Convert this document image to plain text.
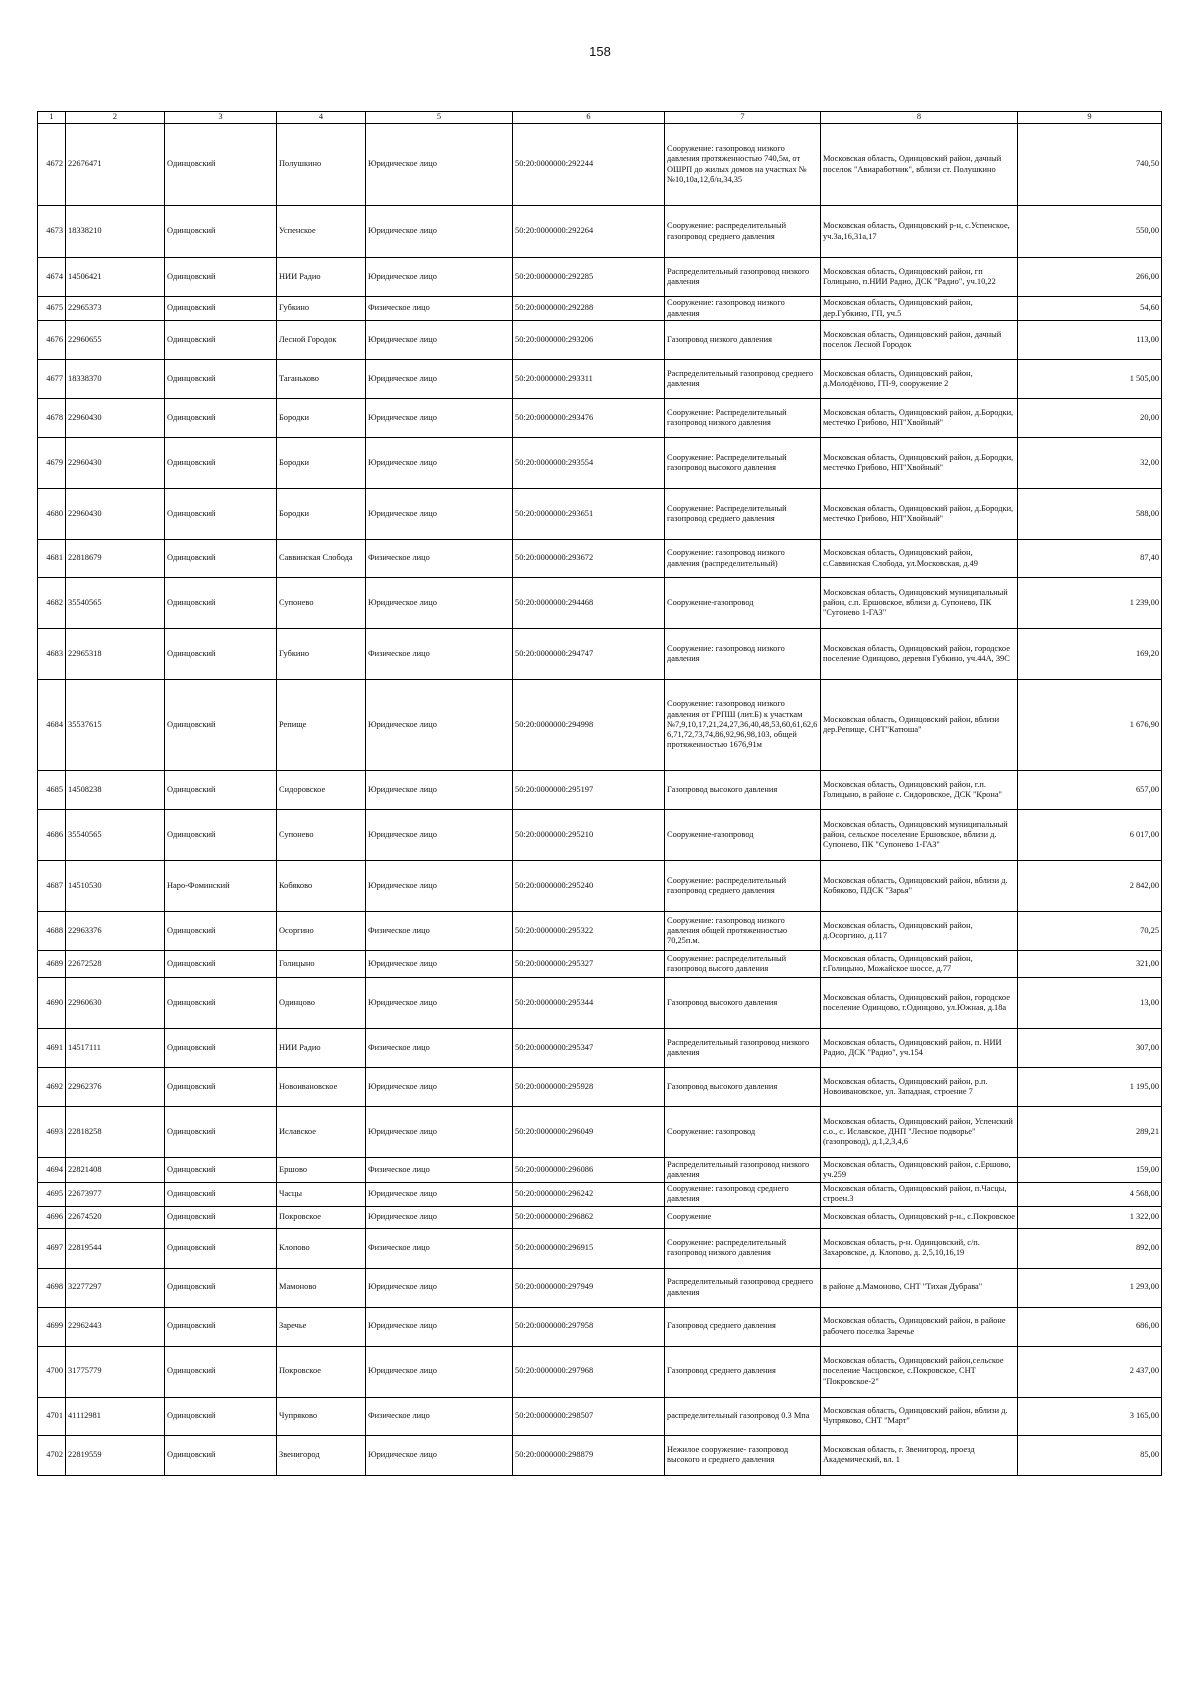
158
1	2	3	4	5	6	7	8	9
4672	22676471	Одинцовский	Полушкино	Юридическое лицо	50:20:0000000:292244	Сооружение: газопровод низкого давления протяженностью 740,5м, от ОШРП до жилых домов на участках №№10,10а,12,б/н,34,35	Московская область, Одинцовский район, дачный поселок "Авиаработник", вблизи ст. Полушкино	740,50
4673	18338210	Одинцовский	Успенское	Юридическое лицо	50:20:0000000:292264	Сооружение: распределительный газопровод среднего давления	Московская область, Одинцовский р-н, с.Успенское, уч.3а,16,31а,17	550,00
4674	14506421	Одинцовский	НИИ Радио	Юридическое лицо	50:20:0000000:292285	Распределительный газопровод низкого давления	Московская область, Одинцовский район, гп Голицыно, п.НИИ Радио, ДСК "Радио", уч.10,22	266,00
4675	22965373	Одинцовский	Губкино	Физическое лицо	50:20:0000000:292288	Сооружение: газопровод низкого давления	Московская область, Одинцовский район, дер.Губкино, ГП, уч.5	54,60
4676	22960655	Одинцовский	Лесной Городок	Юридическое лицо	50:20:0000000:293206	Газопровод низкого давления	Московская область, Одинцовский район, дачный поселок Лесной Городок	113,00
4677	18338370	Одинцовский	Таганьково	Юридическое лицо	50:20:0000000:293311	Распределительный газопровод среднего давления	Московская область, Одинцовский район, д.Молодёново, ГП-9, сооружение 2	1 505,00
4678	22960430	Одинцовский	Бородки	Юридическое лицо	50:20:0000000:293476	Сооружение: Распределительный газопровод низкого давления	Московская область, Одинцовский район, д.Бородки, местечко Грибово, НП"Хвойный"	20,00
4679	22960430	Одинцовский	Бородки	Юридическое лицо	50:20:0000000:293554	Сооружение: Распределительный газопровод высокого давления	Московская область, Одинцовский район, д.Бородки, местечко Грибово, НП"Хвойный"	32,00
4680	22960430	Одинцовский	Бородки	Юридическое лицо	50:20:0000000:293651	Сооружение: Распределительный газопровод среднего давления	Московская область, Одинцовский район, д.Бородки, местечко Грибово, НП"Хвойный"	588,00
4681	22818679	Одинцовский	Саввинская Слобода	Физическое лицо	50:20:0000000:293672	Сооружение: газопровод низкого давления (распределительный)	Московская область, Одинцовский район, с.Саввинская Слобода, ул.Московская, д.49	87,40
4682	35540565	Одинцовский	Супонево	Юридическое лицо	50:20:0000000:294468	Сооружение-газопровод	Московская область, Одинцовский муниципальный район, с.п. Ершовское, вблизи д. Супонево, ПК "Сугонево 1-ГАЗ"	1 239,00
4683	22965318	Одинцовский	Губкино	Физическое лицо	50:20:0000000:294747	Сооружение: газопровод низкого давления	Московская область, Одинцовский район, городское поселение Одинцово, деревня Губкино, уч.44А, 39С	169,20
4684	35537615	Одинцовский	Репище	Юридическое лицо	50:20:0000000:294998	Сооружение: газопровод низкого давления от ГРПШ (лит.Б) к участкам №7,9,10,17,21,24,27,36,40,48,53,60,61,62,66,71,72,73,74,86,92,96,98,103, общей протяженностью 1676,91м	Московская область, Одинцовский район, вблизи дер.Репище, СНТ"Катюша"	1 676,90
4685	14508238	Одинцовский	Сидоровское	Юридическое лицо	50:20:0000000:295197	Газопровод высокого давления	Московская область, Одинцовский район, г.п. Голицыно, в районе с. Сидоровское, ДСК "Крона"	657,00
4686	35540565	Одинцовский	Супонево	Юридическое лицо	50:20:0000000:295210	Сооружение-газопровод	Московская область, Одинцовский муниципальный район, сельское поселение Ершовское, вблизи д. Супонево, ПК "Супонево 1-ГАЗ"	6 017,00
4687	14510530	Наро-Фоминский	Кобяково	Юридическое лицо	50:20:0000000:295240	Сооружение: распределительный газопровод среднего давления	Московская область, Одинцовский район, вблизи д. Кобяково, ПДСК "Зарья"	2 842,00
4688	22963376	Одинцовский	Осоргино	Физическое лицо	50:20:0000000:295322	Сооружение: газопровод низкого давления общей протяженностью 70,25п.м.	Московская область, Одинцовский район, д.Осоргино, д.117	70,25
4689	22672528	Одинцовский	Голицыно	Юридическое лицо	50:20:0000000:295327	Сооружение: распределительный газопровод высого давления	Московская область, Одинцовский район, г.Голицыно, Можайское шоссе, д.77	321,00
4690	22960630	Одинцовский	Одинцово	Юридическое лицо	50:20:0000000:295344	Газопровод высокого давления	Московская область, Одинцовский район, городское поселение Одинцово, г.Одинцово, ул.Южная, д.18а	13,00
4691	14517111	Одинцовский	НИИ Радио	Физическое лицо	50:20:0000000:295347	Распределительный газопровод низкого давления	Московская область, Одинцовский район, п. НИИ Радио, ДСК "Радио", уч.154	307,00
4692	22962376	Одинцовский	Новоивановское	Юридическое лицо	50:20:0000000:295928	Газопровод высокого давления	Московская область, Одинцовский район, р.п. Новоивановское, ул. Западная, строение 7	1 195,00
4693	22818258	Одинцовский	Иславское	Юридическое лицо	50:20:0000000:296049	Сооружение: газопровод	Московская область, Одинцовский район, Успенский с.о., с. Иславское, ДНП "Лесное подворье" (газопровод), д.1,2,3,4,6	289,21
4694	22821408	Одинцовский	Ершово	Физическое лицо	50:20:0000000:296086	Распределительный газопровод низкого давления	Московская область, Одинцовский район, с.Ершово, уч.259	159,00
4695	22673977	Одинцовский	Часцы	Юридическое лицо	50:20:0000000:296242	Сооружение: газопровод среднего давления	Московская область, Одинцовский район, п.Часцы, строен.3	4 568,00
4696	22674520	Одинцовский	Покровское	Юридическое лицо	50:20:0000000:296862	Сооружение	Московская область, Одинцовский р-н., с.Покровское	1 322,00
4697	22819544	Одинцовский	Клопово	Физическое лицо	50:20:0000000:296915	Сооружение: распределительный газопровод низкого давления	Московская область, р-н. Одинцовский, с/п. Захаровское, д. Клопово, д. 2,5,10,16,19	892,00
4698	32277297	Одинцовский	Мамоново	Юридическое лицо	50:20:0000000:297949	Распределительный газопровод среднего давления	в районе д.Мамоново, СНТ "Тихая Дубрава"	1 293,00
4699	22962443	Одинцовский	Заречье	Юридическое лицо	50:20:0000000:297958	Газопровод среднего давления	Московская область, Одинцовский район, в районе рабочего поселка Заречье	686,00
4700	31775779	Одинцовский	Покровское	Юридическое лицо	50:20:0000000:297968	Газопровод среднего давления	Московская область, Одинцовский район,сельское поселение Часцовское, с.Покровское, СНТ "Покровское-2"	2 437,00
4701	41112981	Одинцовский	Чупряково	Физическое лицо	50:20:0000000:298507	распределительный газопровод 0.3 Мпа	Московская область, Одинцовский район, вблизи д. Чупряково, СНТ "Март"	3 165,00
4702	22819559	Одинцовский	Звенигород	Юридическое лицо	50:20:0000000:298879	Нежилое сооружение- газопровод высокого и среднего давления	Московская область, г. Звенигород, проезд Академический, вл. 1	85,00
